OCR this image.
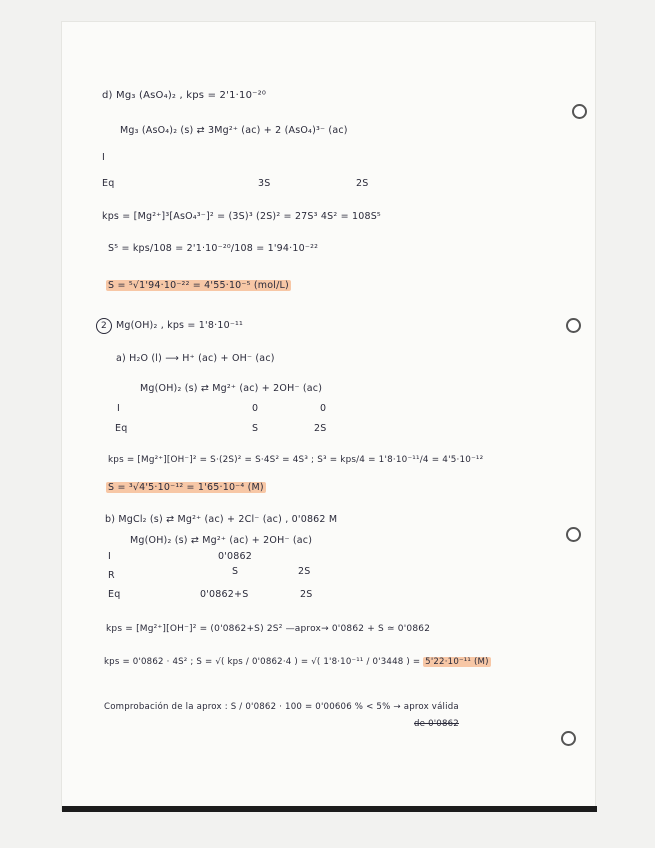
d) Mg₃ (AsO₄)₂ , kps = 2'1·10⁻²⁰
Mg₃ (AsO₄)₂ (s) ⇄ 3Mg²⁺ (ac) + 2 (AsO₄)³⁻ (ac)
I
Eq	3S	2S
kps = [Mg²⁺]³[AsO₄³⁻]² = (3S)³ (2S)² = 27S³ 4S² = 108S⁵
S⁵ = kps/108 = 2'1·10⁻²⁰/108 = 1'94·10⁻²²
S = ⁵√1'94·10⁻²² = 4'55·10⁻⁵ (mol/L)
2 Mg(OH)₂ , kps = 1'8·10⁻¹¹
a) H₂O (l) ⟶ H⁺ (ac) + OH⁻ (ac)
Mg(OH)₂ (s) ⇄ Mg²⁺ (ac) + 2OH⁻ (ac)
I	0	0
Eq	S	2S
kps = [Mg²⁺][OH⁻]² = S·(2S)² = S·4S² = 4S³ ; S³ = kps/4 = 1'8·10⁻¹¹/4 = 4'5·10⁻¹²
S = ³√4'5·10⁻¹² = 1'65·10⁻⁴ (M)
b) MgCl₂ (s) ⇄ Mg²⁺ (ac) + 2Cl⁻ (ac) , 0'0862 M
Mg(OH)₂ (s) ⇄ Mg²⁺ (ac) + 2OH⁻ (ac)
I	0'0862
R	S	2S
Eq	0'0862+S	2S
kps = [Mg²⁺][OH⁻]² = (0'0862+S) 2S² —aprox→ 0'0862 + S ≃ 0'0862
kps = 0'0862 · 4S² ; S = √( kps / 0'0862·4 ) = √( 1'8·10⁻¹¹ / 0'3448 ) = 5'22·10⁻¹¹ (M)
Comprobación de la aprox : S / 0'0862 · 100 = 0'00606 % < 5% → aprox válida
de 0'0862
